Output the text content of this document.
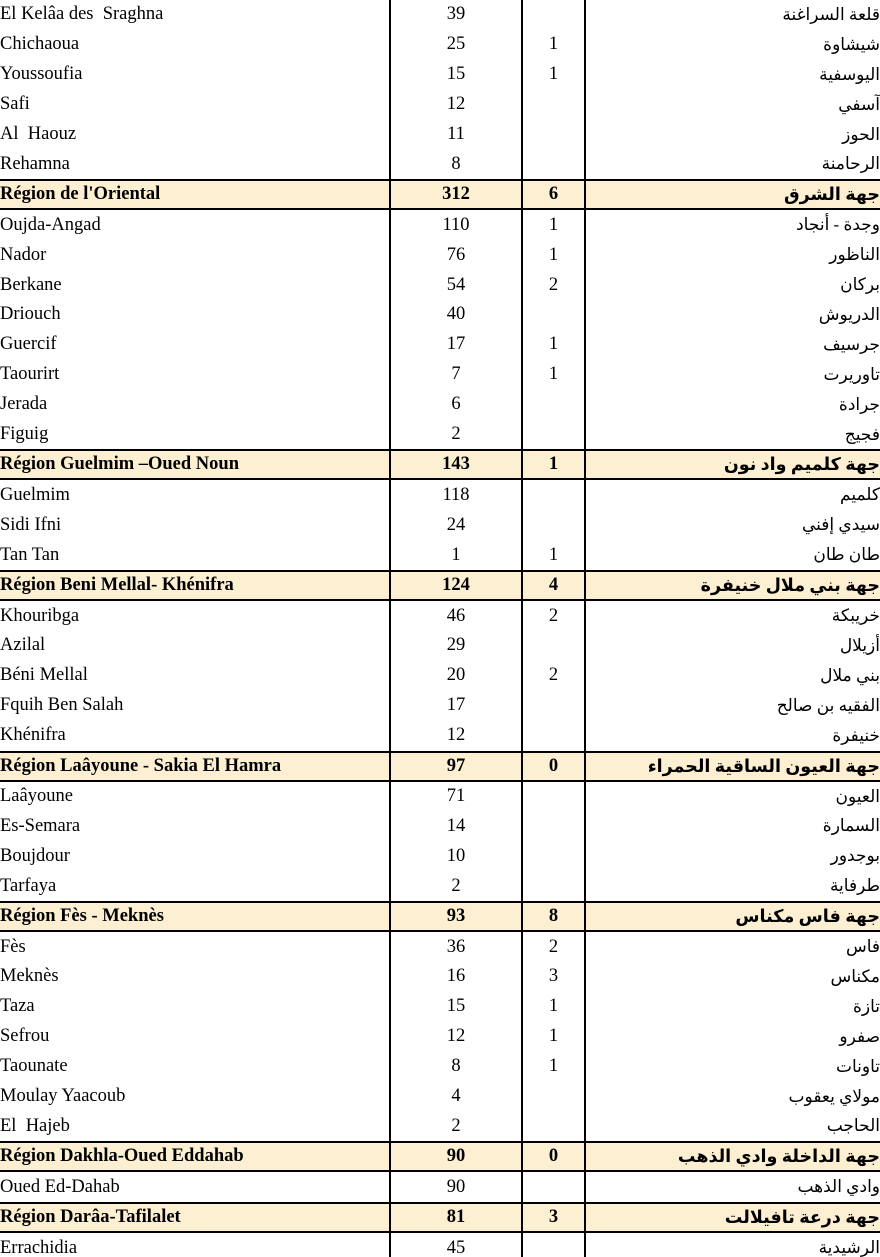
El Kelâa des  Sraghna	39		قلعة السراغنة
Chichaoua	25	1	شيشاوة
Youssoufia	15	1	اليوسفية
Safi	12		آسفي
Al  Haouz	11		الحوز
Rehamna	8		الرحامنة
Région de l'Oriental	312	6	جهة الشرق
Oujda-Angad	110	1	وجدة - أنجاد
Nador	76	1	الناظور
Berkane	54	2	بركان
Driouch	40		الدريوش
Guercif	17	1	جرسيف
Taourirt	7	1	تاوريرت
Jerada	6		جرادة
Figuig	2		فجيج
Région Guelmim –Oued Noun	143	1	جهة كلميم واد نون
Guelmim	118		كلميم
Sidi Ifni	24		سيدي إفني
Tan Tan	1	1	طان طان
Région Beni Mellal- Khénifra	124	4	جهة بني ملال خنيفرة
Khouribga	46	2	خريبكة
Azilal	29		أزيلال
Béni Mellal	20	2	بني ملال
Fquih Ben Salah	17		الفقيه بن صالح
Khénifra	12		خنيفرة
Région Laâyoune - Sakia El Hamra	97	0	جهة العيون الساقية الحمراء
Laâyoune	71		العيون
Es-Semara	14		السمارة
Boujdour	10		بوجدور
Tarfaya	2		طرفاية
Région Fès - Meknès	93	8	جهة فاس مكناس
Fès	36	2	فاس
Meknès	16	3	مكناس
Taza	15	1	تازة
Sefrou	12	1	صفرو
Taounate	8	1	تاونات
Moulay Yaacoub	4		مولاي يعقوب
El  Hajeb	2		الحاجب
Région Dakhla-Oued Eddahab	90	0	جهة الداخلة وادي الذهب
Oued Ed-Dahab	90		وادي الذهب
Région Darâa-Tafilalet	81	3	جهة درعة تافيلالت
Errachidia	45		الرشيدية
